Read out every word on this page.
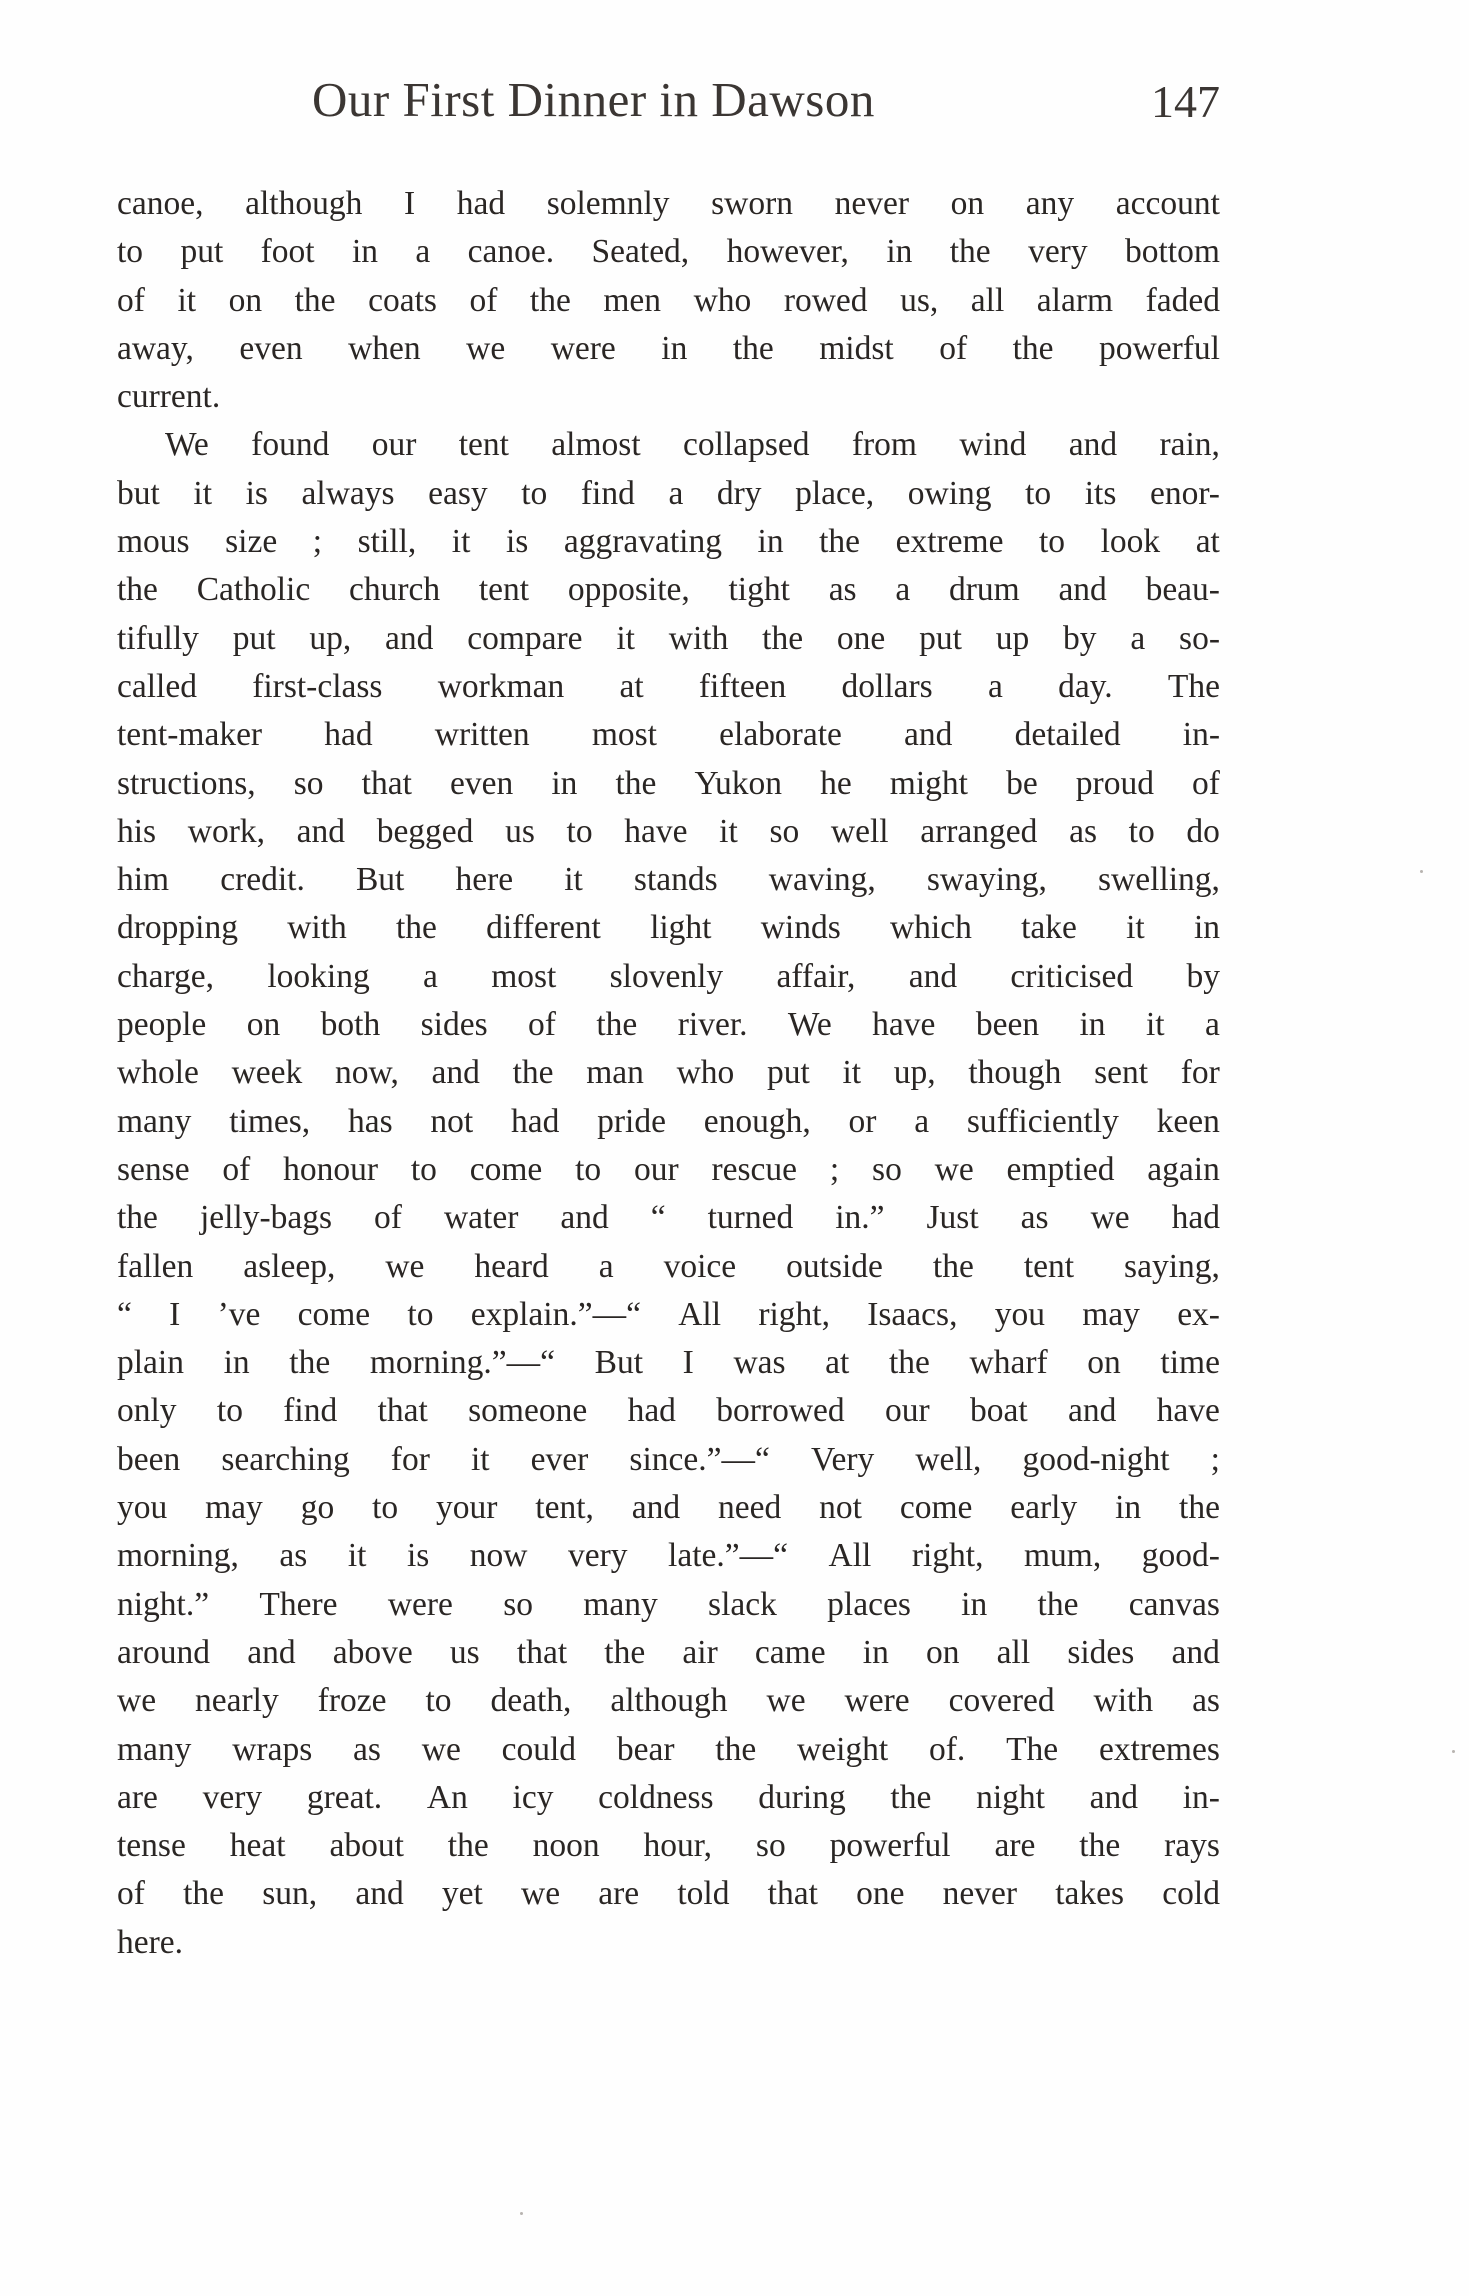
Our First Dinner in Dawson	147
canoe, although I had solemnly sworn never on any account
to put foot in a canoe. Seated, however, in the very bottom
of it on the coats of the men who rowed us, all alarm faded
away, even when we were in the midst of the powerful
current.
We found our tent almost collapsed from wind and rain,
but it is always easy to find a dry place, owing to its enor-
mous size ; still, it is aggravating in the extreme to look at
the Catholic church tent opposite, tight as a drum and beau-
tifully put up, and compare it with the one put up by a so-
called first-class workman at fifteen dollars a day. The
tent-maker had written most elaborate and detailed in-
structions, so that even in the Yukon he might be proud of
his work, and begged us to have it so well arranged as to do
him credit. But here it stands waving, swaying, swelling,
dropping with the different light winds which take it in
charge, looking a most slovenly affair, and criticised by
people on both sides of the river. We have been in it a
whole week now, and the man who put it up, though sent for
many times, has not had pride enough, or a sufficiently keen
sense of honour to come to our rescue ; so we emptied again
the jelly-bags of water and “ turned in.” Just as we had
fallen asleep, we heard a voice outside the tent saying,
“ I ’ve come to explain.”—“ All right, Isaacs, you may ex-
plain in the morning.”—“ But I was at the wharf on time
only to find that someone had borrowed our boat and have
been searching for it ever since.”—“ Very well, good-night ;
you may go to your tent, and need not come early in the
morning, as it is now very late.”—“ All right, mum, good-
night.” There were so many slack places in the canvas
around and above us that the air came in on all sides and
we nearly froze to death, although we were covered with as
many wraps as we could bear the weight of. The extremes
are very great. An icy coldness during the night and in-
tense heat about the noon hour, so powerful are the rays
of the sun, and yet we are told that one never takes cold
here.
